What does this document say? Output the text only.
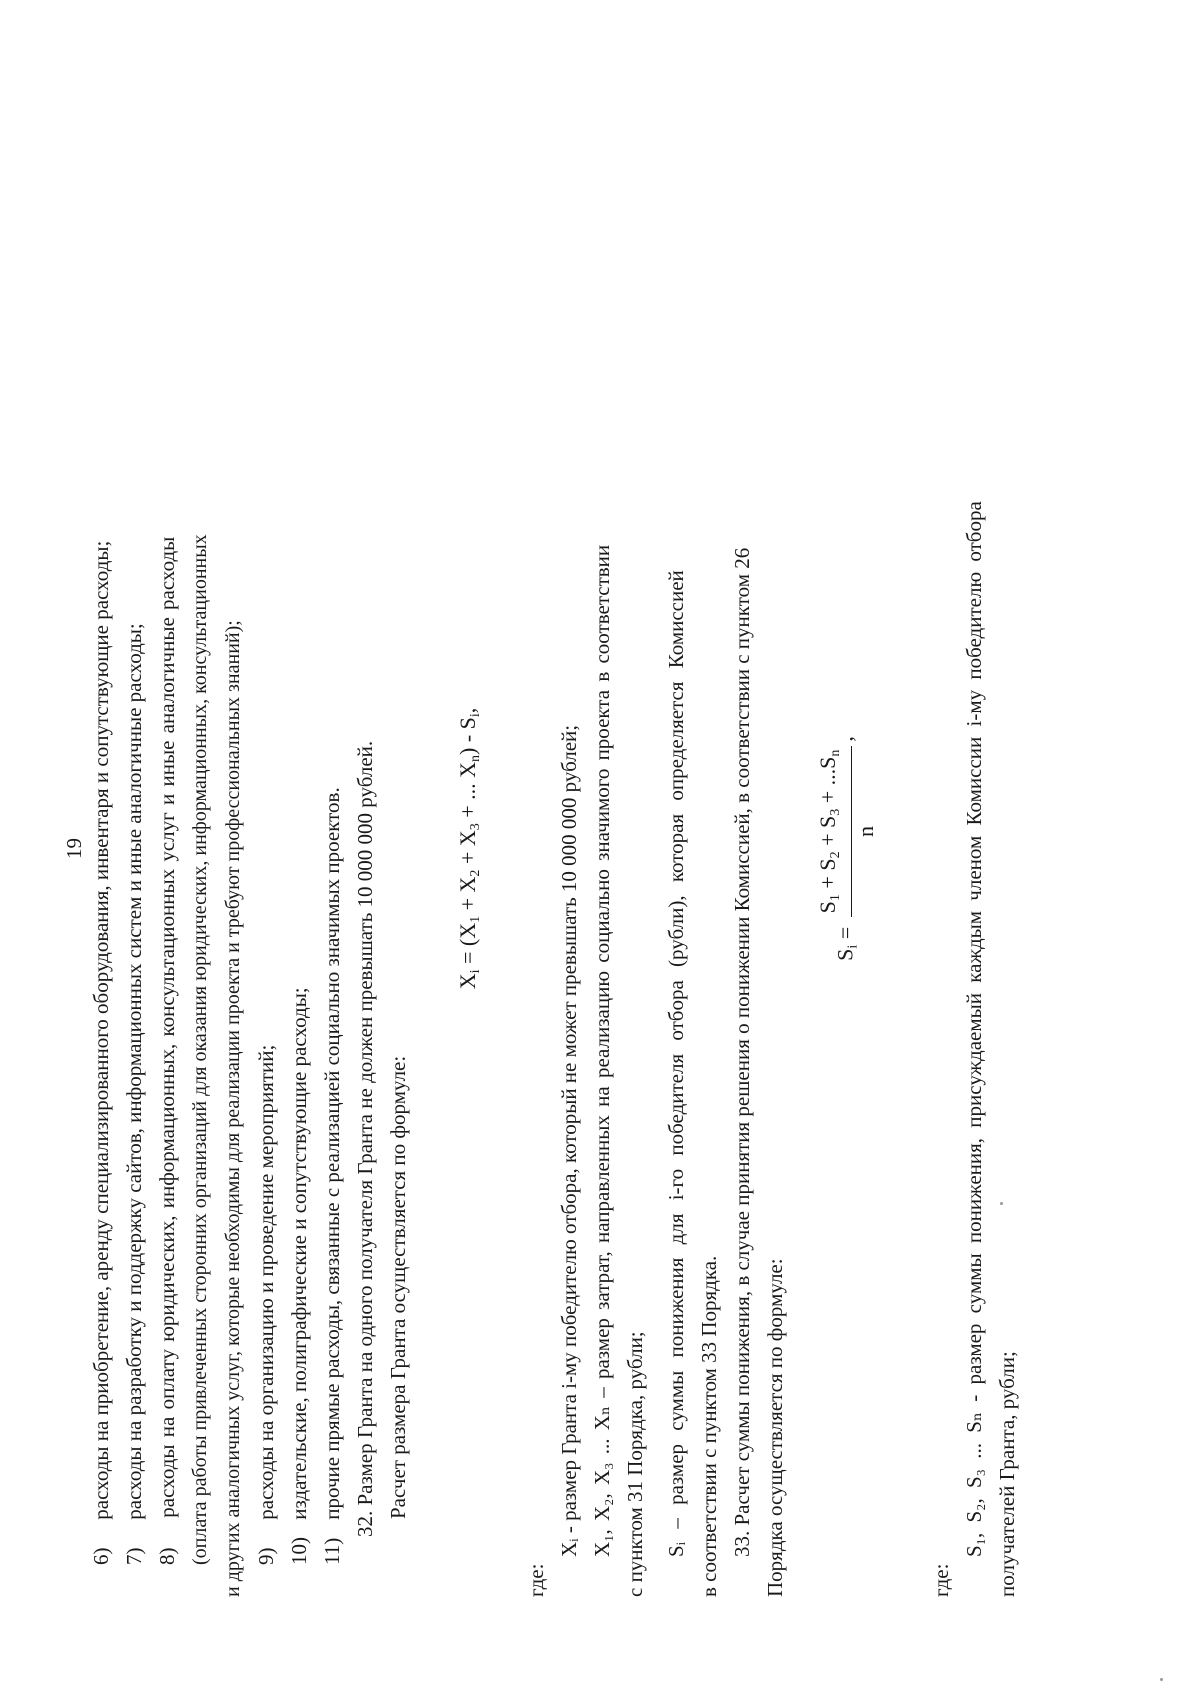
19
6) расходы на приобретение, аренду специализированного оборудования, инвентаря и сопутствующие расходы;
7) расходы на разработку и поддержку сайтов, информационных систем и иные аналогичные расходы;
8) расходы на оплату юридических, информационных, консультационных услуг и иные аналогичные расходы (оплата работы привлеченных сторонних организаций для оказания юридических, информационных, консультационных и других аналогичных услуг, которые необходимы для реализации проекта и требуют профессиональных знаний); 9) расходы на организацию и проведение мероприятий;
10) издательские, полиграфические и сопутствующие расходы;
11) прочие прямые расходы, связанные с реализацией социально значимых проектов. 32. Размер Гранта на одного получателя Гранта не должен превышать 10 000 000 рублей. Расчет размера Гранта осуществляется по формуле:
$X_i = (X_1 + X_2 + X_3$ + ... $X_n) - S_i$,
где:
Xᵢ - размер Гранта i-му победителю отбора, который не может превышать 10 000 000 рублей; X₁, X₂, X₃ ... Xₙ – размер затрат, направленных на реализацию социально значимого проекта в соответствии с пунктом 31 Порядка, рубли; Sᵢ – размер суммы понижения для i-го победителя отбора (рубли), которая определяется Комиссией в соответствии с пунктом 33 Порядка. 33. Расчет суммы понижения, в случае принятия решения о понижении Комиссией, в соответствии с пунктом 26 Порядка осуществляется по формуле:
$S_i$ =
$S_1 + S_2 + S_3 + ...S_n$
n
,
где:
S₁, S₂, S₃ ... Sₙ - размер суммы понижения, присуждаемый каждым членом Комиссии i-му победителю отбора получателей Гранта, рубли;
